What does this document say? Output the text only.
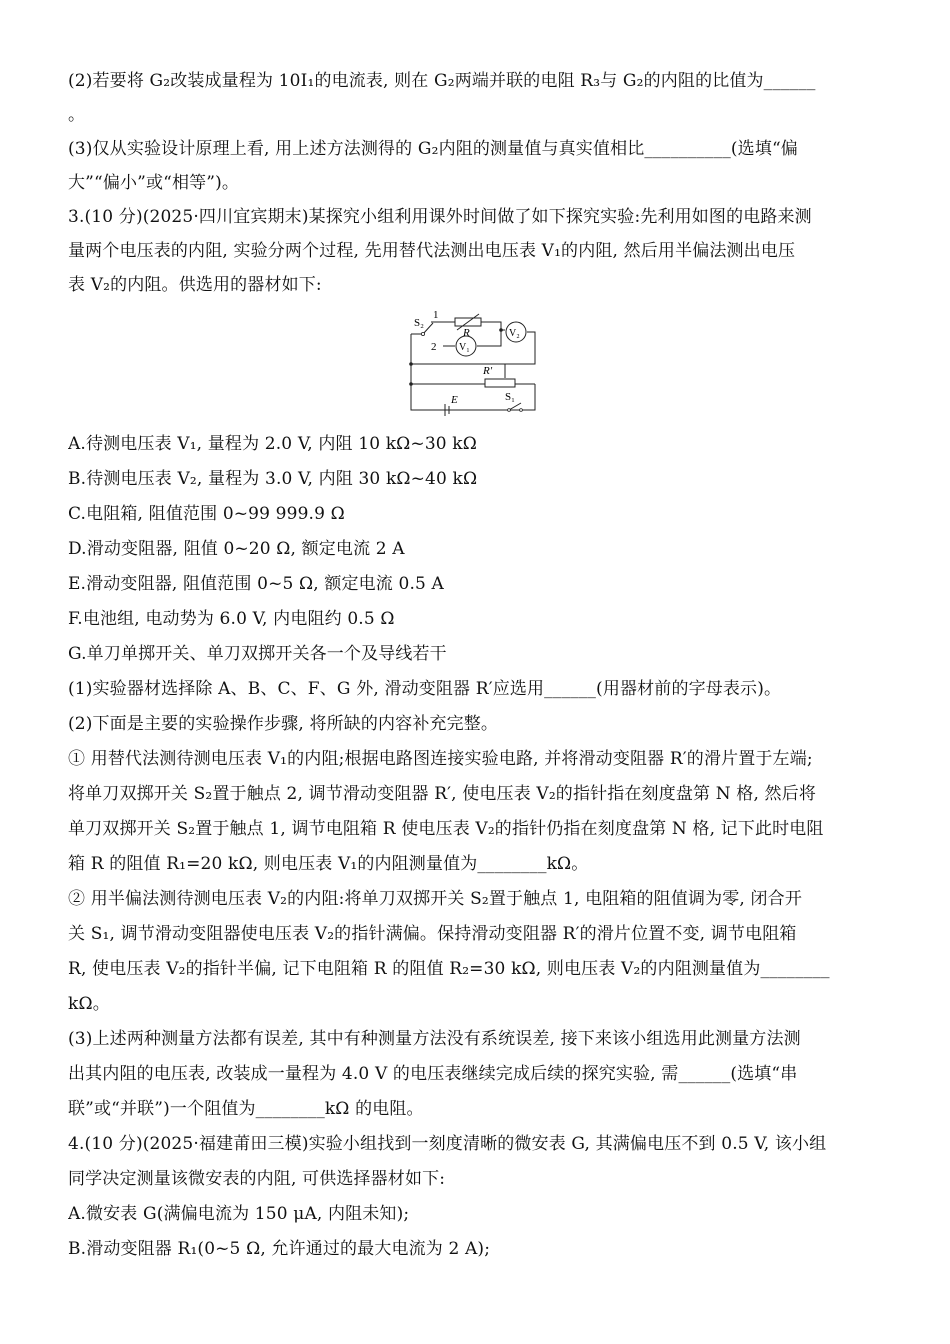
(2)若要将 G₂改装成量程为 10I₁的电流表, 则在 G₂两端并联的电阻 R₃与 G₂的内阻的比值为______
。
(3)仅从实验设计原理上看, 用上述方法测得的 G₂内阻的测量值与真实值相比__________(选填“偏
大”“偏小”或“相等”)。
3.(10 分)(2025·四川宜宾期末)某探究小组利用课外时间做了如下探究实验:先利用如图的电路来测
量两个电压表的内阻, 实验分两个过程, 先用替代法测出电压表 V₁的内阻, 然后用半偏法测出电压
表 V₂的内阻。供选用的器材如下:
A.待测电压表 V₁, 量程为 2.0 V, 内阻 10 kΩ~30 kΩ
B.待测电压表 V₂, 量程为 3.0 V, 内阻 30 kΩ~40 kΩ
C.电阻箱, 阻值范围 0~99 999.9 Ω
D.滑动变阻器, 阻值 0~20 Ω, 额定电流 2 A
E.滑动变阻器, 阻值范围 0~5 Ω, 额定电流 0.5 A
F.电池组, 电动势为 6.0 V, 内电阻约 0.5 Ω
G.单刀单掷开关、单刀双掷开关各一个及导线若干
(1)实验器材选择除 A、B、C、F、G 外, 滑动变阻器 R′应选用______(用器材前的字母表示)。
(2)下面是主要的实验操作步骤, 将所缺的内容补充完整。
① 用替代法测待测电压表 V₁的内阻;根据电路图连接实验电路, 并将滑动变阻器 R′的滑片置于左端;
将单刀双掷开关 S₂置于触点 2, 调节滑动变阻器 R′, 使电压表 V₂的指针指在刻度盘第 N 格, 然后将
单刀双掷开关 S₂置于触点 1, 调节电阻箱 R 使电压表 V₂的指针仍指在刻度盘第 N 格, 记下此时电阻
箱 R 的阻值 R₁=20 kΩ, 则电压表 V₁的内阻测量值为________kΩ。
② 用半偏法测待测电压表 V₂的内阻:将单刀双掷开关 S₂置于触点 1, 电阻箱的阻值调为零, 闭合开
关 S₁, 调节滑动变阻器使电压表 V₂的指针满偏。保持滑动变阻器 R′的滑片位置不变, 调节电阻箱
R, 使电压表 V₂的指针半偏, 记下电阻箱 R 的阻值 R₂=30 kΩ, 则电压表 V₂的内阻测量值为________
kΩ。
(3)上述两种测量方法都有误差, 其中有种测量方法没有系统误差, 接下来该小组选用此测量方法测
出其内阻的电压表, 改装成一量程为 4.0 V 的电压表继续完成后续的探究实验, 需______(选填“串
联”或“并联”)一个阻值为________kΩ 的电阻。
4.(10 分)(2025·福建莆田三模)实验小组找到一刻度清晰的微安表 G, 其满偏电压不到 0.5 V, 该小组
同学决定测量该微安表的内阻, 可供选择器材如下:
A.微安表 G(满偏电流为 150 μA, 内阻未知);
B.滑动变阻器 R₁(0~5 Ω, 允许通过的最大电流为 2 A);
S₂
1
2
R
V₁
V₂
R′
E	S₁
